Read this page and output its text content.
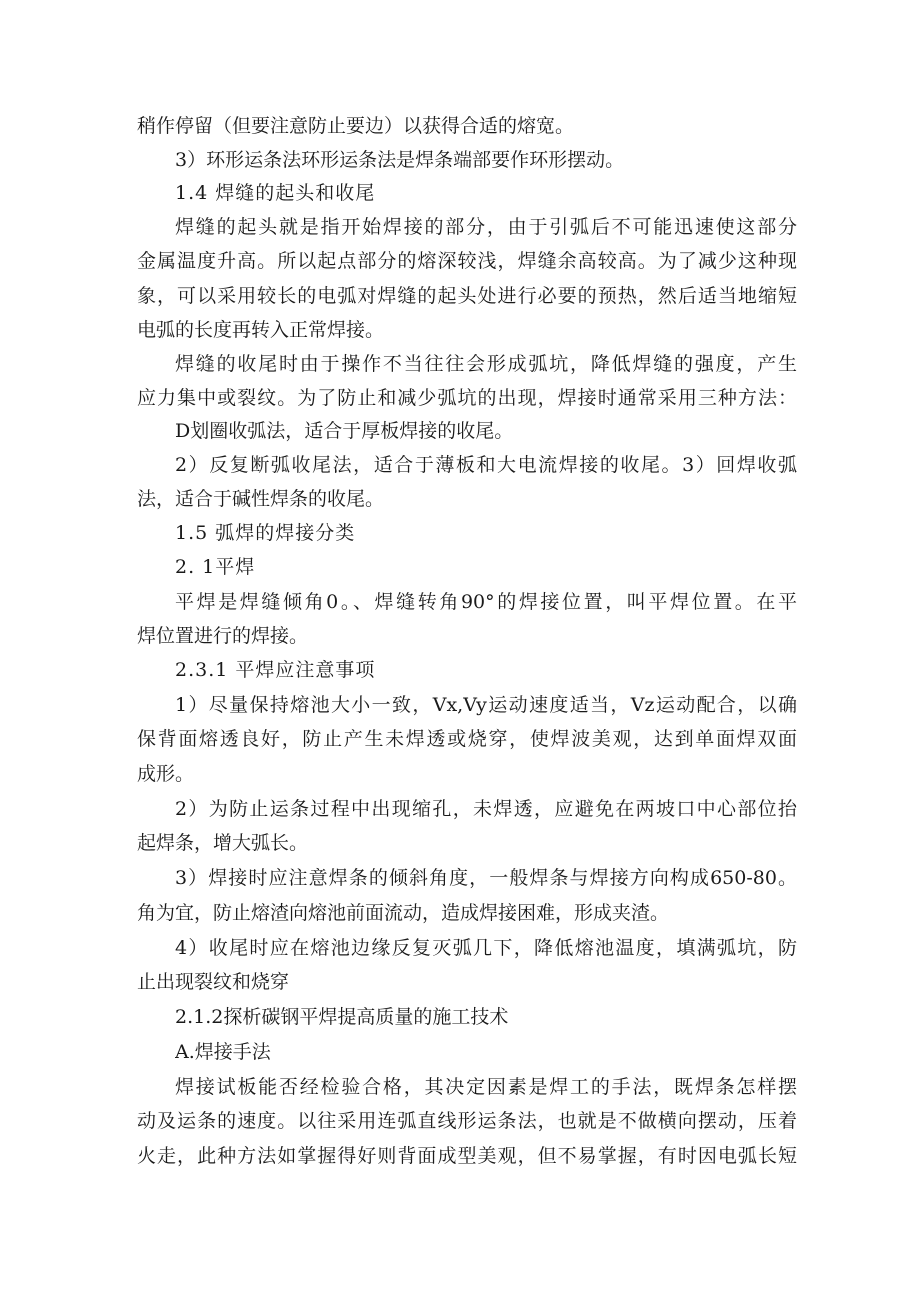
稍作停留（但要注意防止要边）以获得合适的熔宽。
3）环形运条法环形运条法是焊条端部要作环形摆动。
1.4 焊缝的起头和收尾
焊缝的起头就是指开始焊接的部分，由于引弧后不可能迅速使这部分
金属温度升高。所以起点部分的熔深较浅，焊缝余高较高。为了减少这种现
象，可以采用较长的电弧对焊缝的起头处进行必要的预热，然后适当地缩短
电弧的长度再转入正常焊接。
焊缝的收尾时由于操作不当往往会形成弧坑，降低焊缝的强度，产生
应力集中或裂纹。为了防止和减少弧坑的出现，焊接时通常采用三种方法：
D划圈收弧法，适合于厚板焊接的收尾。
2）反复断弧收尾法，适合于薄板和大电流焊接的收尾。3）回焊收弧
法，适合于碱性焊条的收尾。
1.5 弧焊的焊接分类
2. 1平焊
平焊是焊缝倾角0。、焊缝转角90°的焊接位置，叫平焊位置。在平
焊位置进行的焊接。
2.3.1 平焊应注意事项
1）尽量保持熔池大小一致，Vx,Vy运动速度适当，Vz运动配合，以确
保背面熔透良好，防止产生未焊透或烧穿，使焊波美观，达到单面焊双面
成形。
2）为防止运条过程中出现缩孔，未焊透，应避免在两坡口中心部位抬
起焊条，增大弧长。
3）焊接时应注意焊条的倾斜角度，一般焊条与焊接方向构成650-80。
角为宜，防止熔渣向熔池前面流动，造成焊接困难，形成夹渣。
4）收尾时应在熔池边缘反复灭弧几下，降低熔池温度，填满弧坑，防
止出现裂纹和烧穿
2.1.2探析碳钢平焊提高质量的施工技术
A.焊接手法
焊接试板能否经检验合格，其决定因素是焊工的手法，既焊条怎样摆
动及运条的速度。以往采用连弧直线形运条法，也就是不做横向摆动，压着
火走，此种方法如掌握得好则背面成型美观，但不易掌握，有时因电弧长短
